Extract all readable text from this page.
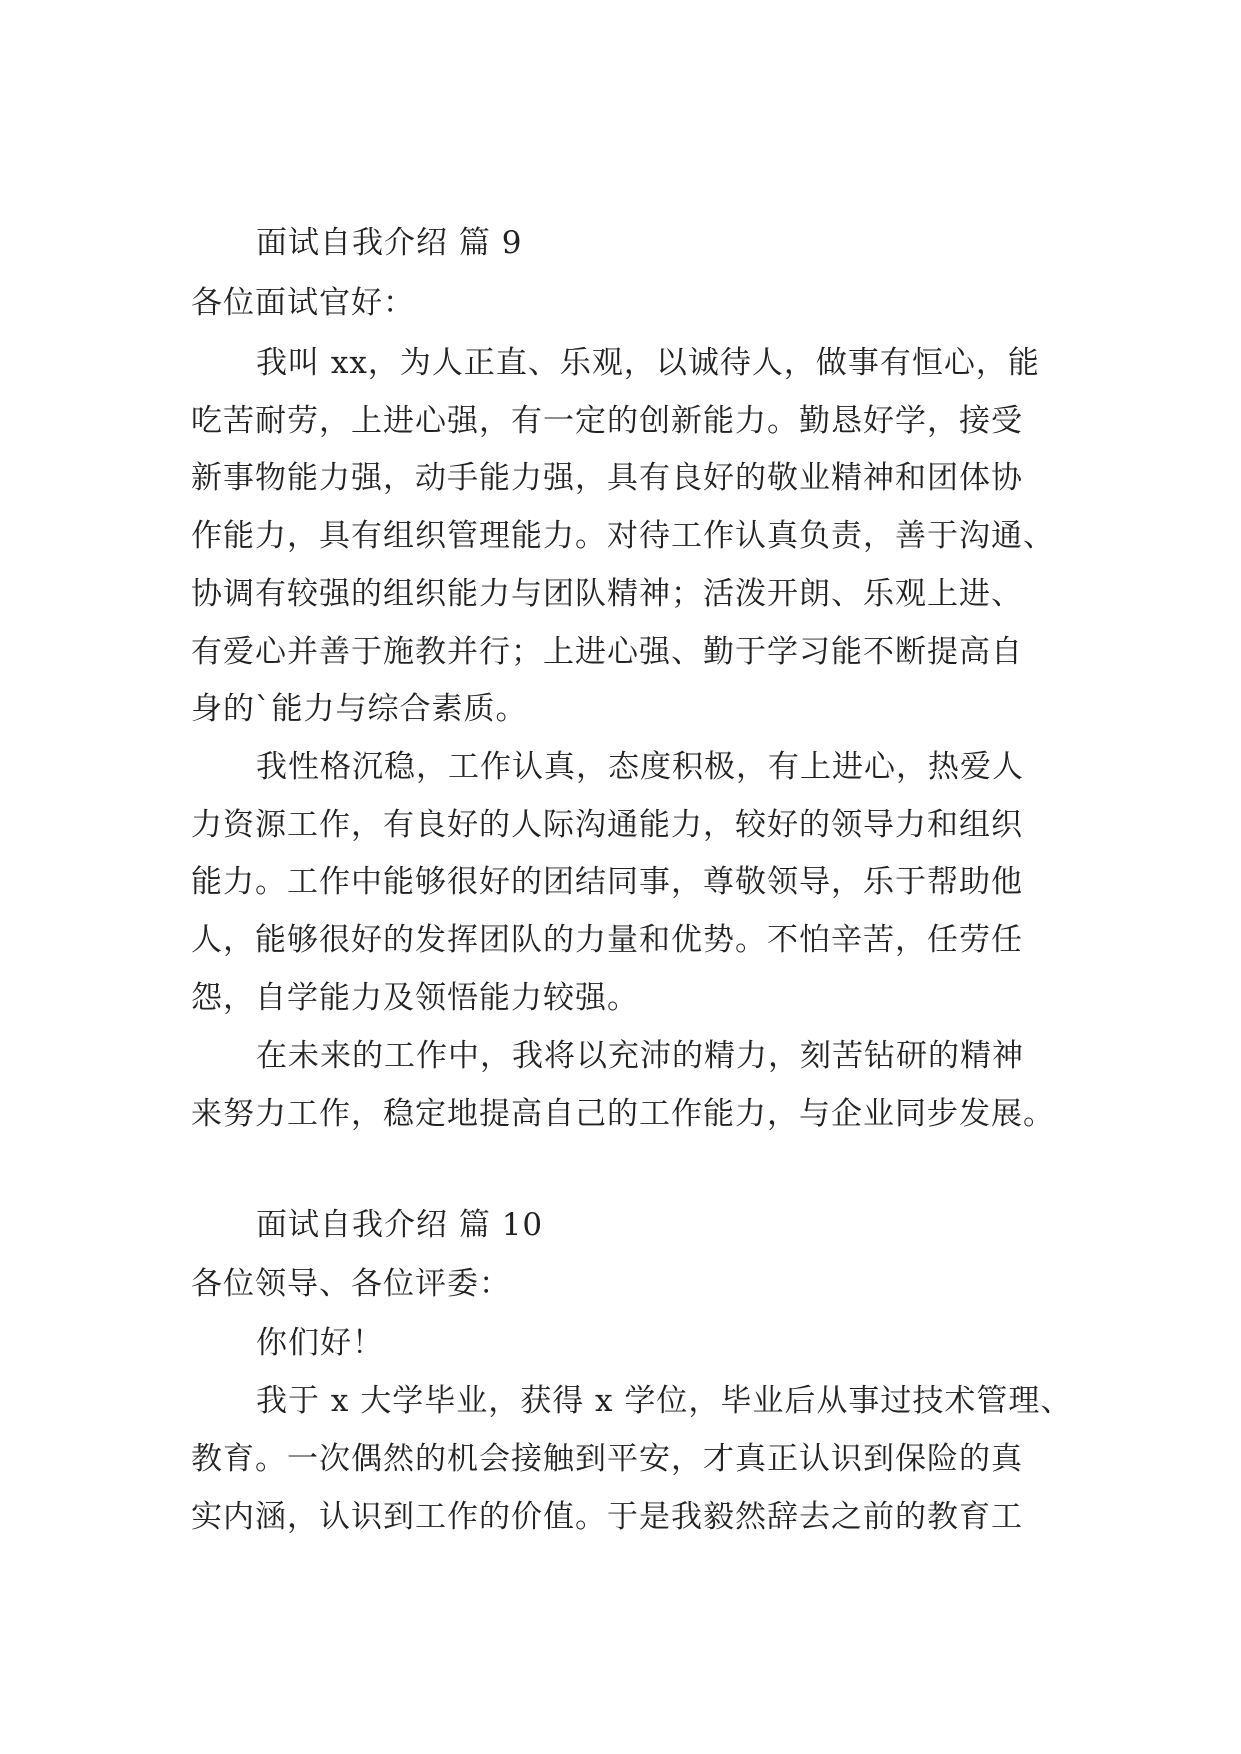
面试自我介绍 篇 9
各位面试官好：
我叫 xx，为人正直、乐观，以诚待人，做事有恒心，能
吃苦耐劳，上进心强，有一定的创新能力。勤恳好学，接受
新事物能力强，动手能力强，具有良好的敬业精神和团体协
作能力，具有组织管理能力。对待工作认真负责，善于沟通、
协调有较强的组织能力与团队精神；活泼开朗、乐观上进、
有爱心并善于施教并行；上进心强、勤于学习能不断提高自
身的`能力与综合素质。
我性格沉稳，工作认真，态度积极，有上进心，热爱人
力资源工作，有良好的人际沟通能力，较好的领导力和组织
能力。工作中能够很好的团结同事，尊敬领导，乐于帮助他
人，能够很好的发挥团队的力量和优势。不怕辛苦，任劳任
怨，自学能力及领悟能力较强。
在未来的工作中，我将以充沛的精力，刻苦钻研的精神
来努力工作，稳定地提高自己的工作能力，与企业同步发展。
面试自我介绍 篇 10
各位领导、各位评委：
你们好！
我于 x 大学毕业，获得 x 学位，毕业后从事过技术管理、
教育。一次偶然的机会接触到平安，才真正认识到保险的真
实内涵，认识到工作的价值。于是我毅然辞去之前的教育工
